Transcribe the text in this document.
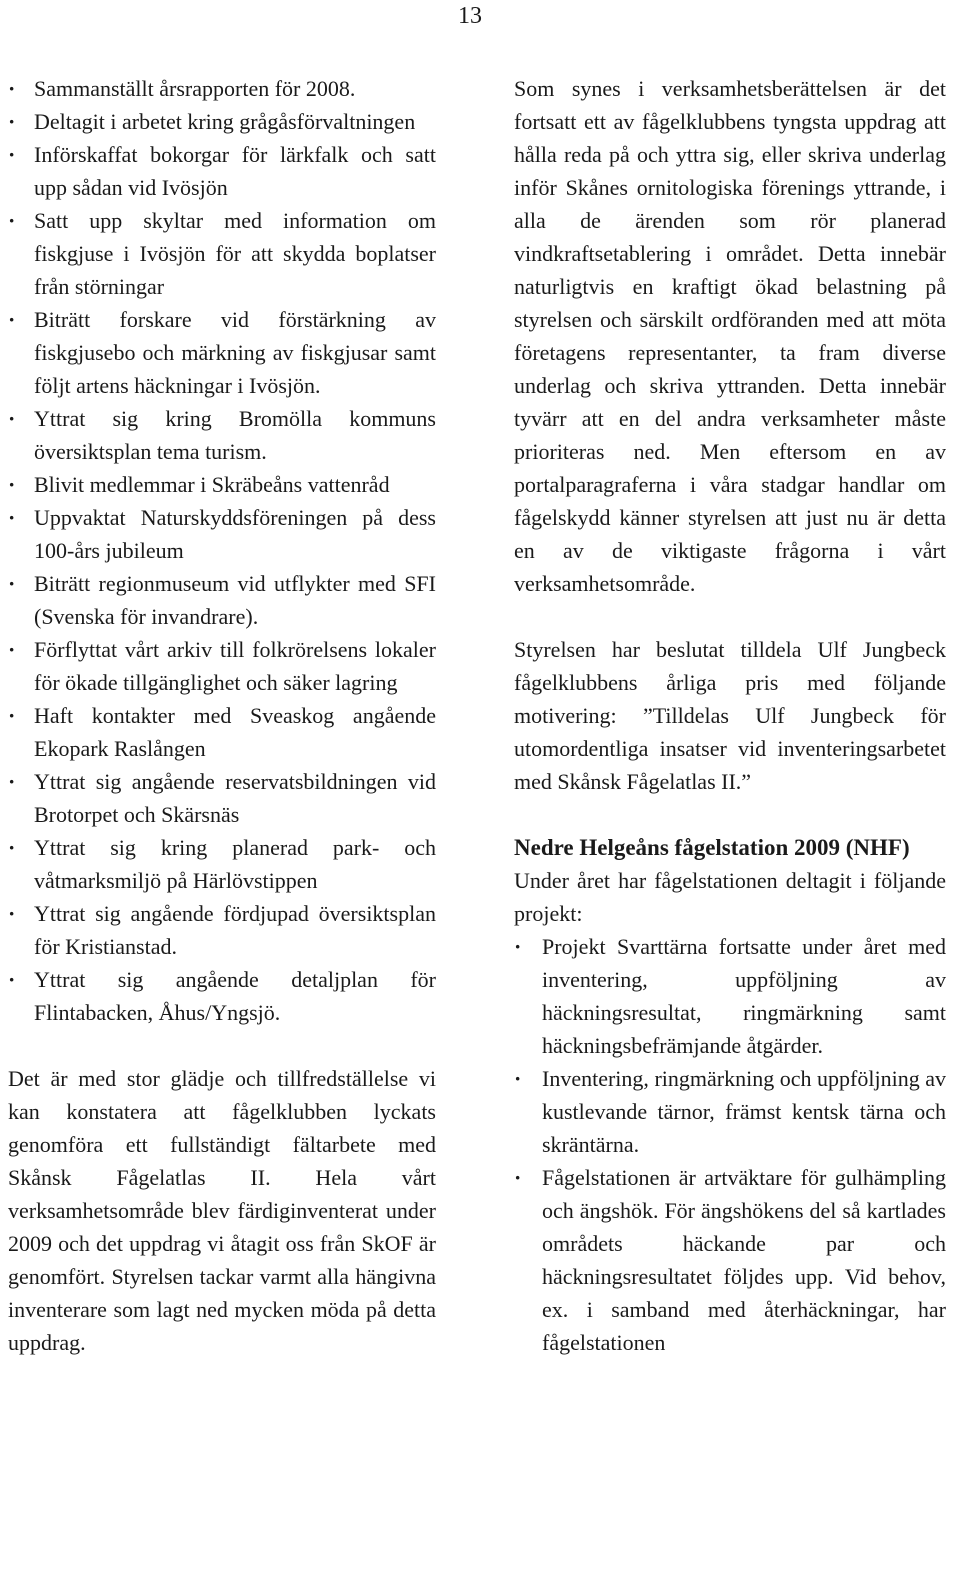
13
· Sammanställt årsrapporten för 2008.
· Deltagit i arbetet kring grågåsförvaltningen
· Införskaffat bokorgar för lärkfalk och satt upp sådan vid Ivösjön
· Satt upp skyltar med information om fiskgjuse i Ivösjön för att skydda boplatser från störningar
· Biträtt forskare vid förstärkning av fiskgjusebo och märkning av fiskgjusar samt följt artens häckningar i Ivösjön.
· Yttrat sig kring Bromölla kommuns översiktsplan tema turism.
· Blivit medlemmar i Skräbeåns vattenråd
· Uppvaktat Naturskyddsföreningen på dess 100-års jubileum
· Biträtt regionmuseum vid utflykter med SFI (Svenska för invandrare).
· Förflyttat vårt arkiv till folkrörelsens lokaler för ökade tillgänglighet och säker lagring
· Haft kontakter med Sveaskog angående Ekopark Raslången
· Yttrat sig angående reservatsbildningen vid Brotorpet och Skärsnäs
· Yttrat sig kring planerad park- och våtmarksmiljö på Härlövstippen
· Yttrat sig angående fördjupad översiktsplan för Kristianstad.
· Yttrat sig angående detaljplan för Flintabacken, Åhus/Yngsjö.

Det är med stor glädje och tillfredställelse vi kan konstatera att fågelklubben lyckats genomföra ett fullständigt fältarbete med Skånsk Fågelatlas II. Hela vårt verksamhetsområde blev färdiginventerat under 2009 och det uppdrag vi åtagit oss från SkOF är genomfört. Styrelsen tackar varmt alla hängivna inventerare som lagt ned mycken möda på detta uppdrag.

Som synes i verksamhetsberättelsen är det fortsatt ett av fågelklubbens tyngsta uppdrag att hålla reda på och yttra sig, eller skriva underlag inför Skånes ornitologiska förenings yttrande, i alla de ärenden som rör planerad vindkraftsetablering i området. Detta innebär naturligtvis en kraftigt ökad belastning på styrelsen och särskilt ordföranden med att möta företagens representanter, ta fram diverse underlag och skriva yttranden. Detta innebär tyvärr att en del andra verksamheter måste prioriteras ned. Men eftersom en av portalparagraferna i våra stadgar handlar om fågelskydd känner styrelsen att just nu är detta en av de viktigaste frågorna i vårt verksamhetsområde.

Styrelsen har beslutat tilldela Ulf Jungbeck fågelklubbens årliga pris med följande motivering: ”Tilldelas Ulf Jungbeck för utomordentliga insatser vid inventeringsarbetet med Skånsk Fågelatlas II.”

Nedre Helgeåns fågelstation 2009 (NHF)

Under året har fågelstationen deltagit i följande projekt:

· Projekt Svarttärna fortsatte under året med inventering, uppföljning av häckningsresultat, ringmärkning samt häckningsbefrämjande åtgärder.
· Inventering, ringmärkning och uppföljning av kustlevande tärnor, främst kentsk tärna och skräntärna.
· Fågelstationen är artväktare för gulhämpling och ängshök. För ängshökens del så kartlades områdets häckande par och häckningsresultatet följdes upp. Vid behov, ex. i samband med återhäckningar, har fågelstationen
